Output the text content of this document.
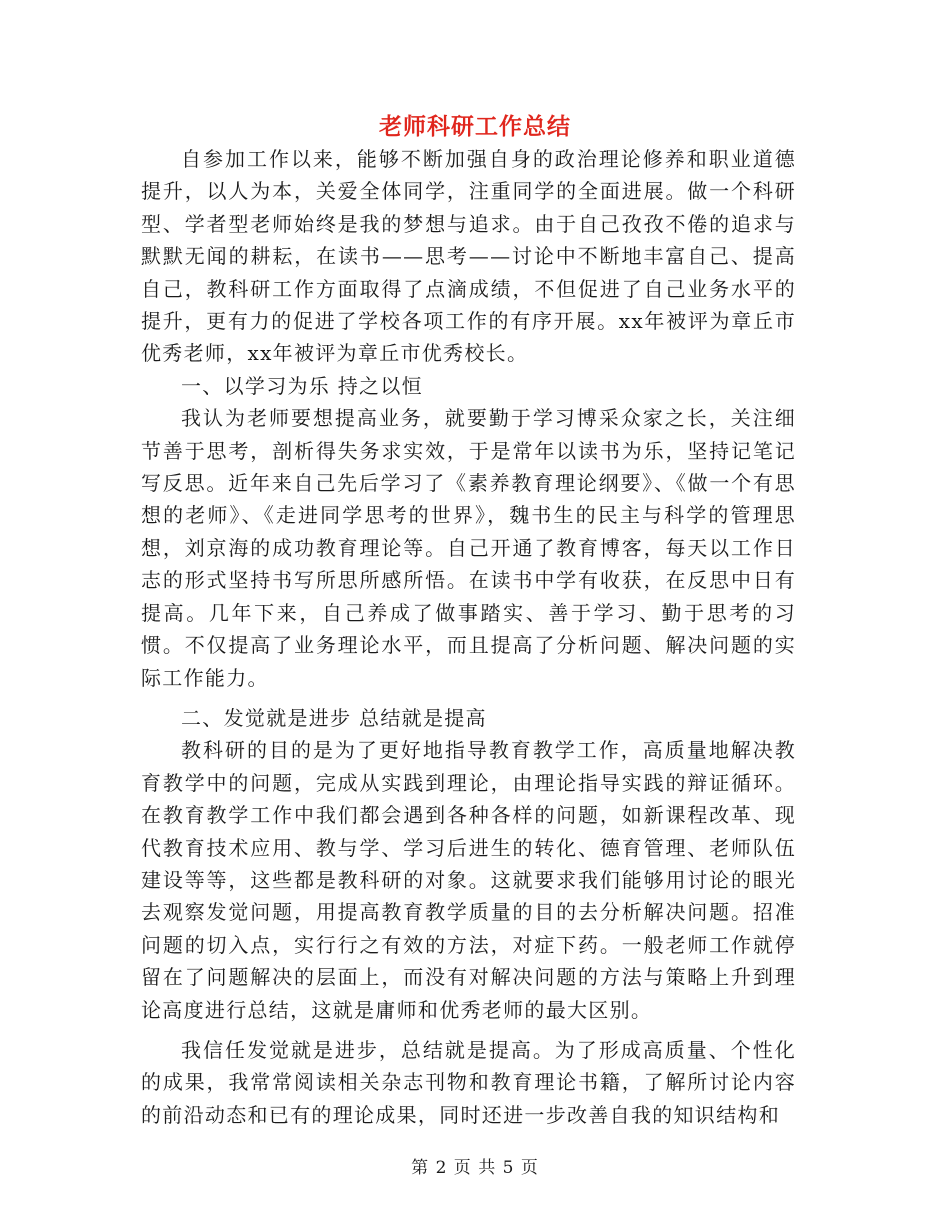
老师科研工作总结

自参加工作以来，能够不断加强自身的政治理论修养和职业道德提升，以人为本，关爱全体同学，注重同学的全面进展。做一个科研型、学者型老师始终是我的梦想与追求。由于自己孜孜不倦的追求与默默无闻的耕耘，在读书——思考——讨论中不断地丰富自己、提高自己，教科研工作方面取得了点滴成绩，不但促进了自己业务水平的提升，更有力的促进了学校各项工作的有序开展。xx年被评为章丘市优秀老师，xx年被评为章丘市优秀校长。

一、以学习为乐 持之以恒

我认为老师要想提高业务，就要勤于学习博采众家之长，关注细节善于思考，剖析得失务求实效，于是常年以读书为乐，坚持记笔记写反思。近年来自己先后学习了《素养教育理论纲要》、《做一个有思想的老师》、《走进同学思考的世界》，魏书生的民主与科学的管理思想，刘京海的成功教育理论等。自己开通了教育博客，每天以工作日志的形式坚持书写所思所感所悟。在读书中学有收获，在反思中日有提高。几年下来，自己养成了做事踏实、善于学习、勤于思考的习惯。不仅提高了业务理论水平，而且提高了分析问题、解决问题的实际工作能力。

二、发觉就是进步 总结就是提高

教科研的目的是为了更好地指导教育教学工作，高质量地解决教育教学中的问题，完成从实践到理论，由理论指导实践的辩证循环。在教育教学工作中我们都会遇到各种各样的问题，如新课程改革、现代教育技术应用、教与学、学习后进生的转化、德育管理、老师队伍建设等等，这些都是教科研的对象。这就要求我们能够用讨论的眼光去观察发觉问题，用提高教育教学质量的目的去分析解决问题。招准问题的切入点，实行行之有效的方法，对症下药。一般老师工作就停留在了问题解决的层面上，而没有对解决问题的方法与策略上升到理论高度进行总结，这就是庸师和优秀老师的最大区别。

我信任发觉就是进步，总结就是提高。为了形成高质量、个性化的成果，我常常阅读相关杂志刊物和教育理论书籍，了解所讨论内容的前沿动态和已有的理论成果，同时还进一步改善自我的知识结构和

第 2 页 共 5 页
